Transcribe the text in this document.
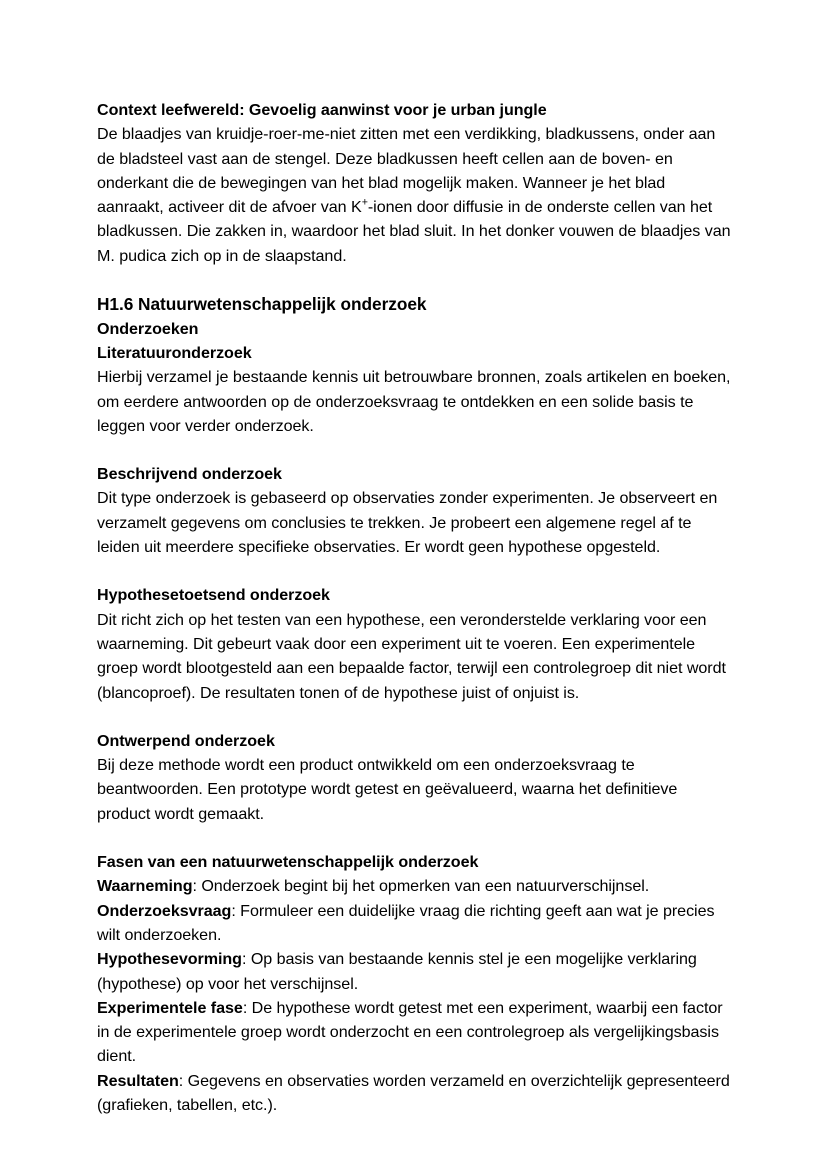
Context leefwereld: Gevoelig aanwinst voor je urban jungle

De blaadjes van kruidje-roer-me-niet zitten met een verdikking, bladkussens, onder aan de bladsteel vast aan de stengel. Deze bladkussen heeft cellen aan de boven- en onderkant die de bewegingen van het blad mogelijk maken. Wanneer je het blad aanraakt, activeer dit de afvoer van K+-ionen door diffusie in de onderste cellen van het bladkussen. Die zakken in, waardoor het blad sluit. In het donker vouwen de blaadjes van M. pudica zich op in de slaapstand.

H1.6 Natuurwetenschappelijk onderzoek

Onderzoeken

Literatuuronderzoek

Hierbij verzamel je bestaande kennis uit betrouwbare bronnen, zoals artikelen en boeken, om eerdere antwoorden op de onderzoeksvraag te ontdekken en een solide basis te leggen voor verder onderzoek.

Beschrijvend onderzoek

Dit type onderzoek is gebaseerd op observaties zonder experimenten. Je observeert en verzamelt gegevens om conclusies te trekken. Je probeert een algemene regel af te leiden uit meerdere specifieke observaties. Er wordt geen hypothese opgesteld.

Hypothesetoetsend onderzoek

Dit richt zich op het testen van een hypothese, een veronderstelde verklaring voor een waarneming. Dit gebeurt vaak door een experiment uit te voeren. Een experimentele groep wordt blootgesteld aan een bepaalde factor, terwijl een controlegroep dit niet wordt (blancoproef). De resultaten tonen of de hypothese juist of onjuist is.

Ontwerpend onderzoek

Bij deze methode wordt een product ontwikkeld om een onderzoeksvraag te beantwoorden. Een prototype wordt getest en geëvalueerd, waarna het definitieve product wordt gemaakt.

Fasen van een natuurwetenschappelijk onderzoek

Waarneming: Onderzoek begint bij het opmerken van een natuurverschijnsel.

Onderzoeksvraag: Formuleer een duidelijke vraag die richting geeft aan wat je precies wilt onderzoeken.

Hypothesevorming: Op basis van bestaande kennis stel je een mogelijke verklaring (hypothese) op voor het verschijnsel.

Experimentele fase: De hypothese wordt getest met een experiment, waarbij een factor in de experimentele groep wordt onderzocht en een controlegroep als vergelijkingsbasis dient.

Resultaten: Gegevens en observaties worden verzameld en overzichtelijk gepresenteerd (grafieken, tabellen, etc.).
